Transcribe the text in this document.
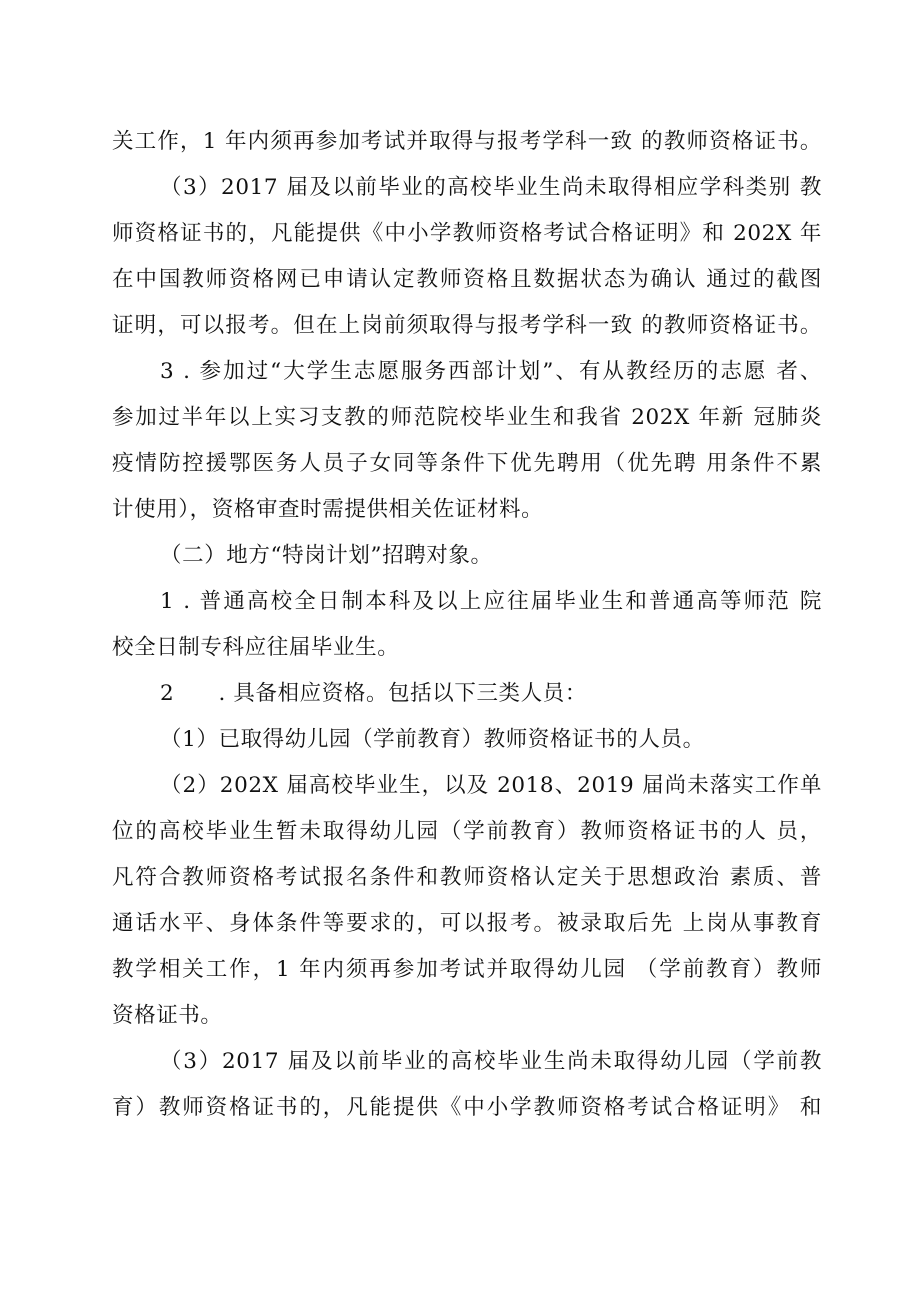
关工作，1 年内须再参加考试并取得与报考学科一致 的教师资格证书。
（3）2017 届及以前毕业的高校毕业生尚未取得相应学科类别 教
师资格证书的，凡能提供《中小学教师资格考试合格证明》和 202X 年
在中国教师资格网已申请认定教师资格且数据状态为确认 通过的截图
证明，可以报考。但在上岗前须取得与报考学科一致 的教师资格证书。
3 . 参加过“大学生志愿服务西部计划”、有从教经历的志愿 者、
参加过半年以上实习支教的师范院校毕业生和我省 202X 年新 冠肺炎
疫情防控援鄂医务人员子女同等条件下优先聘用（优先聘 用条件不累
计使用），资格审查时需提供相关佐证材料。
（二）地方“特岗计划”招聘对象。
1 . 普通高校全日制本科及以上应往届毕业生和普通高等师范 院
校全日制专科应往届毕业生。
2　　. 具备相应资格。包括以下三类人员：
（1）已取得幼儿园（学前教育）教师资格证书的人员。
（2）202X 届高校毕业生，以及 2018、2019 届尚未落实工作单
位的高校毕业生暂未取得幼儿园（学前教育）教师资格证书的人 员，
凡符合教师资格考试报名条件和教师资格认定关于思想政治 素质、普
通话水平、身体条件等要求的，可以报考。被录取后先 上岗从事教育
教学相关工作，1 年内须再参加考试并取得幼儿园 （学前教育）教师
资格证书。
（3）2017 届及以前毕业的高校毕业生尚未取得幼儿园（学前教
育）教师资格证书的，凡能提供《中小学教师资格考试合格证明》 和
